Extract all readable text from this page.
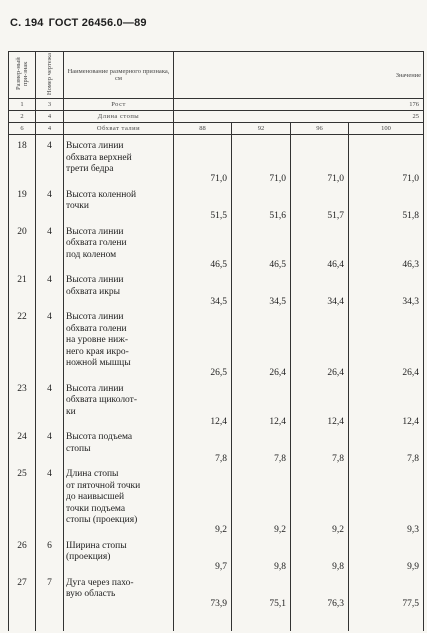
С. 194 ГОСТ 26456.0—89
Размер-ный при-знак	Номер чертежа	Наименование размерного признака, см	Значение			
1	3	Рост	176			
2	4	Длина стопы	25			
6	4	Обхват талии	88	92	96	100

18	4	Высота линии
обхвата верхней
трети бедра	71,0	71,0	71,0	71,0
19	4	Высота коленной
точки	51,5	51,6	51,7	51,8
20	4	Высота линии
обхвата голени
под коленом	46,5	46,5	46,4	46,3
21	4	Высота линии
обхвата икры	34,5	34,5	34,4	34,3
22	4	Высота линии
обхвата голени
на уровне ниж-
него края икро-
ножной мышцы	26,5	26,4	26,4	26,4
23	4	Высота линии
обхвата щиколот-
ки	12,4	12,4	12,4	12,4
24	4	Высота подъема
стопы	7,8	7,8	7,8	7,8
25	4	Длина стопы
от пяточной точки
до наивысшей
точки подъема
стопы (проекция)	9,2	9,2	9,2	9,3
26	6	Ширина стопы
(проекция)	9,7	9,8	9,8	9,9
27	7	Дуга через пахо-
вую область	73,9	75,1	76,3	77,5
